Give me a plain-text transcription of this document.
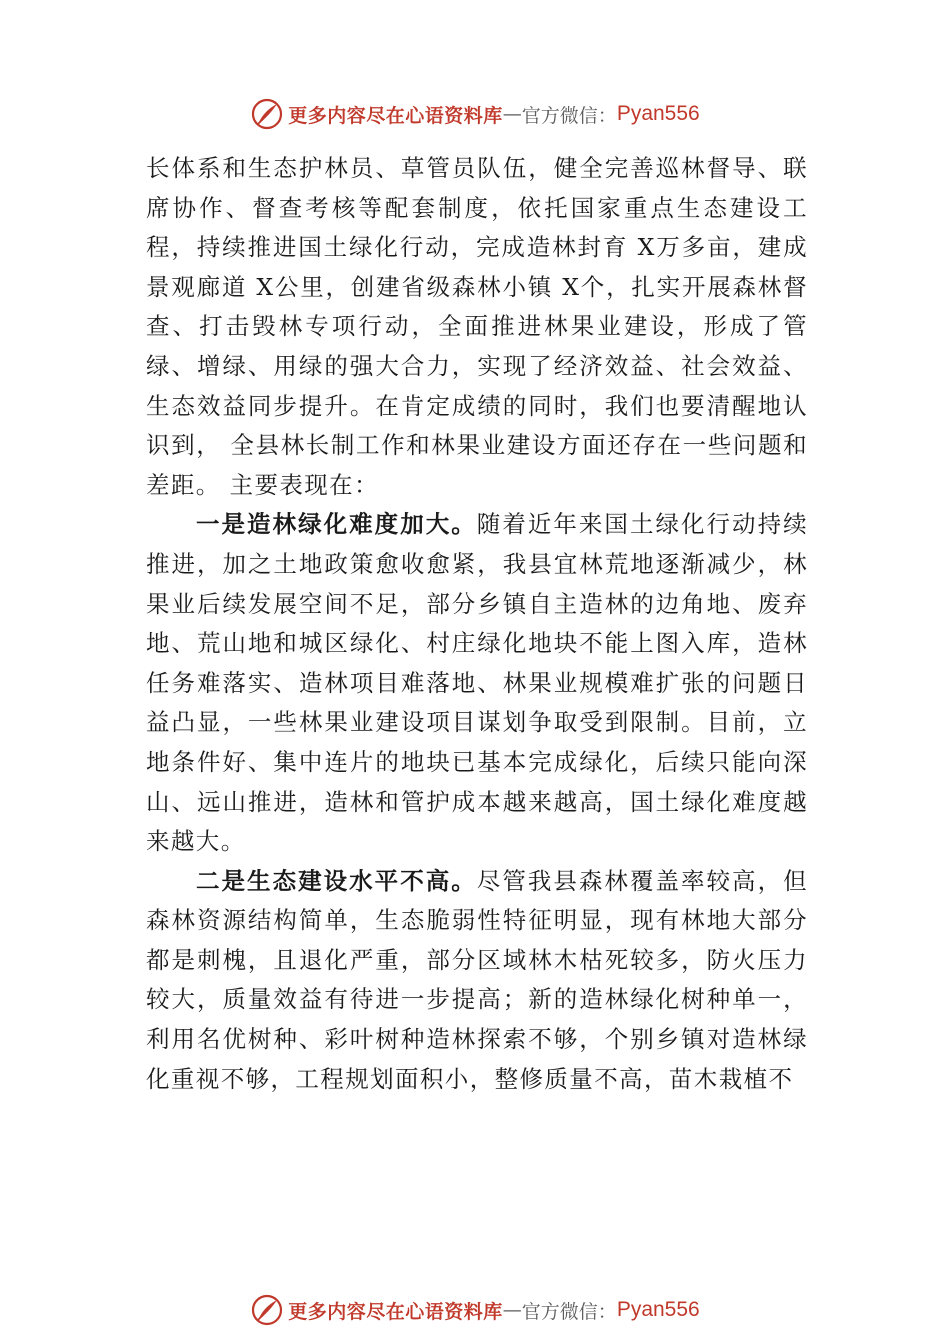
更多内容尽在心语资料库 — 官方微信： Pyan556

长体系和生态护林员、草管员队伍，健全完善巡林督导、联席协作、督查考核等配套制度，依托国家重点生态建设工程，持续推进国土绿化行动，完成造林封育 X万多亩，建成景观廊道 X公里，创建省级森林小镇 X个，扎实开展森林督查、打击毁林专项行动，全面推进林果业建设，形成了管绿、增绿、用绿的强大合力，实现了经济效益、社会效益、生态效益同步提升。在肯定成绩的同时，我们也要清醒地认识到， 全县林长制工作和林果业建设方面还存在一些问题和差距。 主要表现在：

一是造林绿化难度加大。随着近年来国土绿化行动持续推进，加之土地政策愈收愈紧，我县宜林荒地逐渐减少，林果业后续发展空间不足，部分乡镇自主造林的边角地、废弃地、荒山地和城区绿化、村庄绿化地块不能上图入库，造林任务难落实、造林项目难落地、林果业规模难扩张的问题日益凸显，一些林果业建设项目谋划争取受到限制。目前，立地条件好、集中连片的地块已基本完成绿化，后续只能向深山、远山推进，造林和管护成本越来越高，国土绿化难度越来越大。

二是生态建设水平不高。尽管我县森林覆盖率较高，但森林资源结构简单，生态脆弱性特征明显，现有林地大部分都是刺槐，且退化严重，部分区域林木枯死较多，防火压力较大，质量效益有待进一步提高；新的造林绿化树种单一， 利用名优树种、彩叶树种造林探索不够，个别乡镇对造林绿化重视不够，工程规划面积小，整修质量不高，苗木栽植不

更多内容尽在心语资料库 — 官方微信： Pyan556
